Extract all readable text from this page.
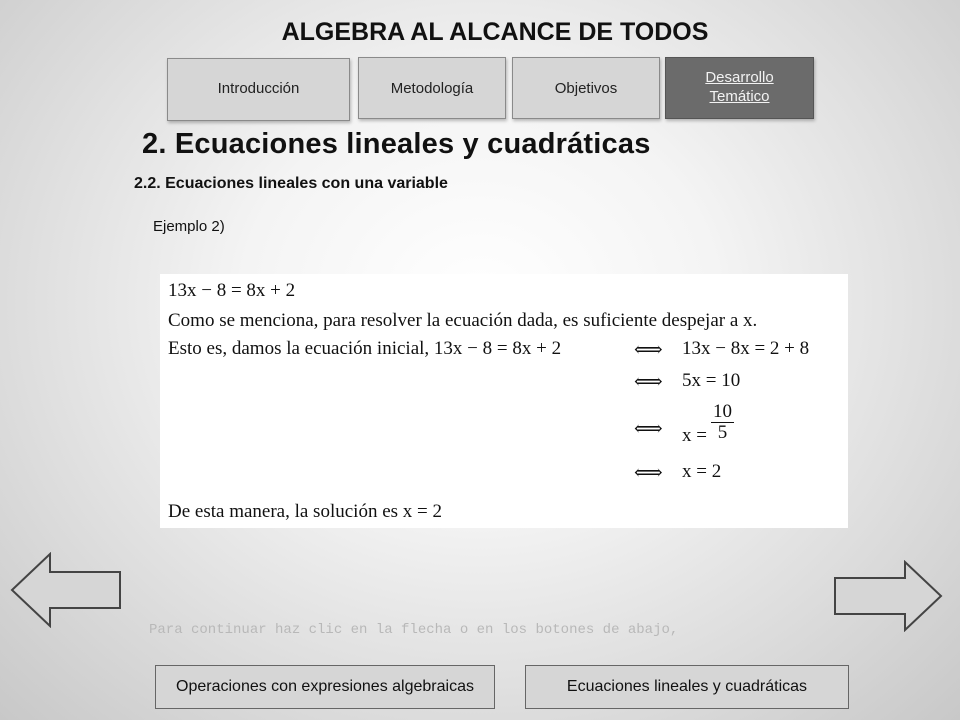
ALGEBRA AL ALCANCE DE TODOS
Introducción	Metodología	Objetivos
Desarrollo
Temático
2. Ecuaciones lineales y cuadráticas
2.2. Ecuaciones lineales con una variable
Ejemplo 2)
13x − 8 = 8x + 2
Como se menciona, para resolver la ecuación dada, es suficiente despejar a x.
Esto es, damos la ecuación inicial, 13x − 8 = 8x + 2	⟺ 13x − 8x = 2 + 8
⟺ 5x = 10
⟺ $x = \frac{10}{5}$
⟺ x = 2
De esta manera, la solución es x = 2
Para continuar haz clic en la flecha o en los botones de abajo,
Operaciones con expresiones algebraicas	Ecuaciones lineales y cuadráticas
